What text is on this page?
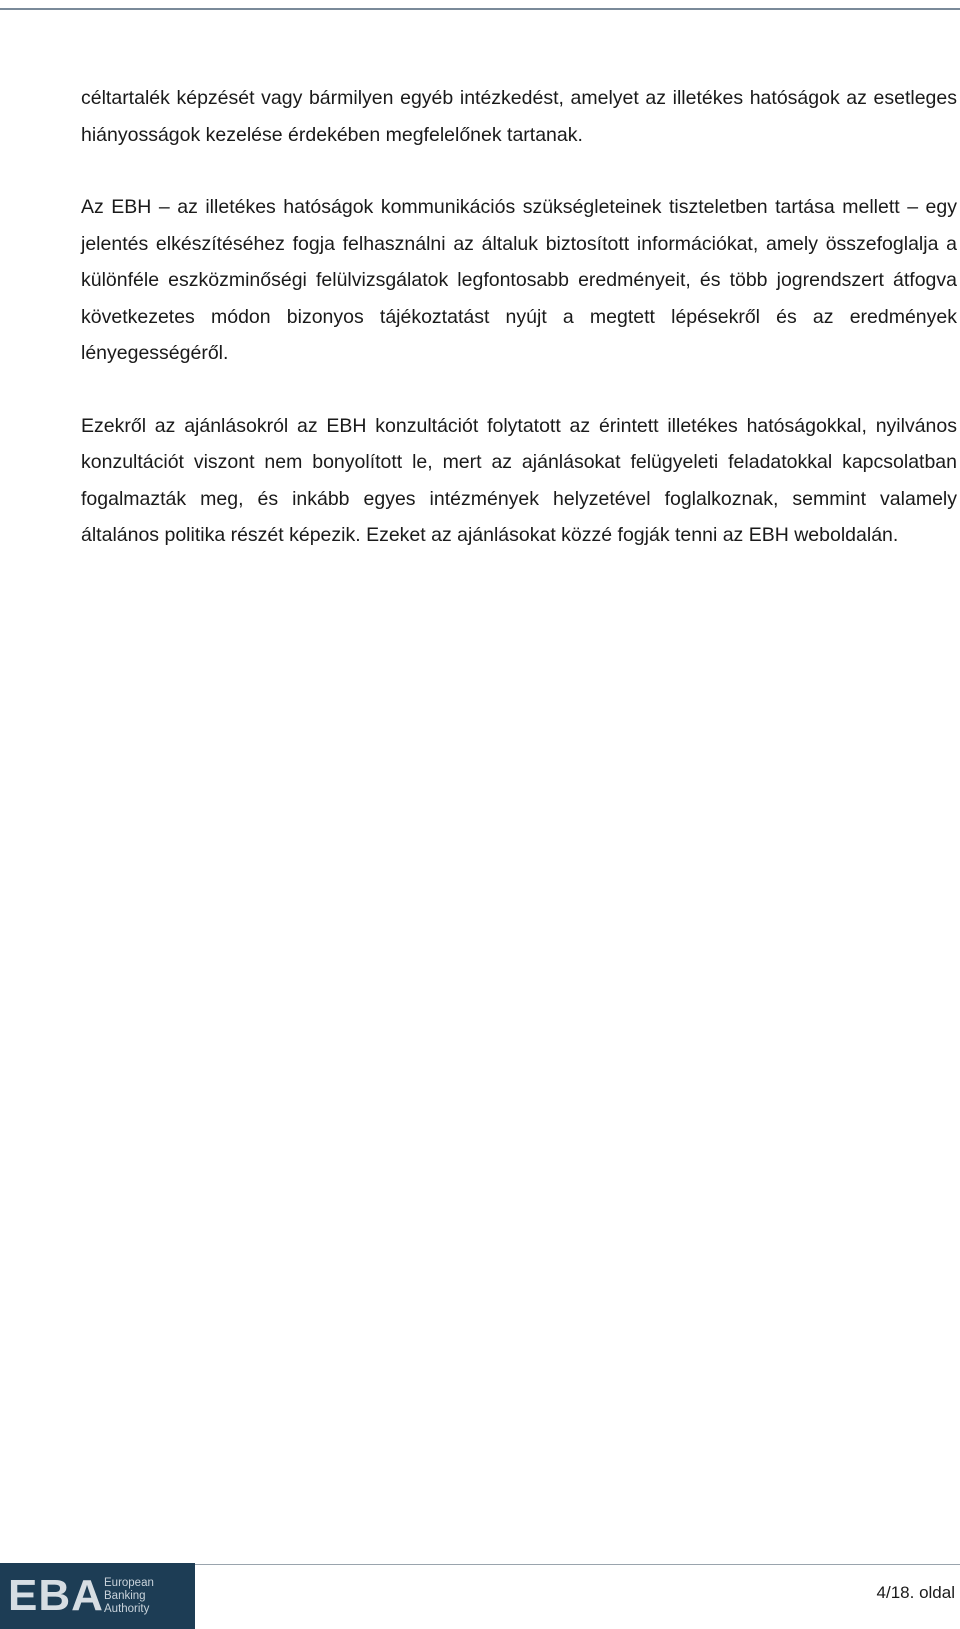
céltartalék képzését vagy bármilyen egyéb intézkedést, amelyet az illetékes hatóságok az esetleges hiányosságok kezelése érdekében megfelelőnek tartanak.

Az EBH – az illetékes hatóságok kommunikációs szükségleteinek tiszteletben tartása mellett – egy jelentés elkészítéséhez fogja felhasználni az általuk biztosított információkat, amely összefoglalja a különféle eszközminőségi felülvizsgálatok legfontosabb eredményeit, és több jogrendszert átfogva következetes módon bizonyos tájékoztatást nyújt a megtett lépésekről és az eredmények lényegességéről.

Ezekről az ajánlásokról az EBH konzultációt folytatott az érintett illetékes hatóságokkal, nyilvános konzultációt viszont nem bonyolított le, mert az ajánlásokat felügyeleti feladatokkal kapcsolatban fogalmazták meg, és inkább egyes intézmények helyzetével foglalkoznak, semmint valamely általános politika részét képezik. Ezeket az ajánlásokat közzé fogják tenni az EBH weboldalán.

EBA European
Banking
Authority
4/18. oldal
